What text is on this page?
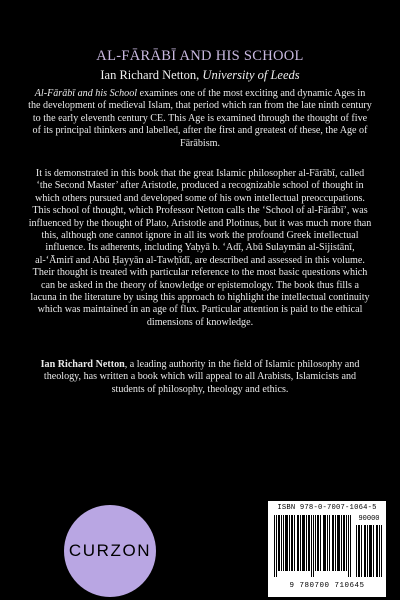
AL-FĀRĀBĪ AND HIS SCHOOL
Ian Richard Netton, University of Leeds

Al-Fārābī and his School examines one of the most exciting and dynamic Ages in the development of medieval Islam, that period which ran from the late ninth century to the early eleventh century CE. This Age is examined through the thought of five of its principal thinkers and labelled, after the first and greatest of these, the Age of Fārābism.

It is demonstrated in this book that the great Islamic philosopher al-Fārābī, called ‘the Second Master’ after Aristotle, produced a recognizable school of thought in which others pursued and developed some of his own intellectual preoccupations. This school of thought, which Professor Netton calls the ‘School of al-Fārābī’, was influenced by the thought of Plato, Aristotle and Plotinus, but it was much more than this, although one cannot ignore in all its work the profound Greek intellectual influence. Its adherents, including Yaḥyā b. ‘Adī, Abū Sulaymān al-Sijistānī, al-‘Āmirī and Abū Ḥayyān al-Tawḥīdī, are described and assessed in this volume. Their thought is treated with particular reference to the most basic questions which can be asked in the theory of knowledge or epistemology. The book thus fills a lacuna in the literature by using this approach to highlight the intellectual continuity which was maintained in an age of flux. Particular attention is paid to the ethical dimensions of knowledge.

Ian Richard Netton, a leading authority in the field of Islamic philosophy and theology, has written a book which will appeal to all Arabists, Islamicists and students of philosophy, theology and ethics.

CURZON
ISBN 978-0-7007-1064-5
90000
9 780700 710645
